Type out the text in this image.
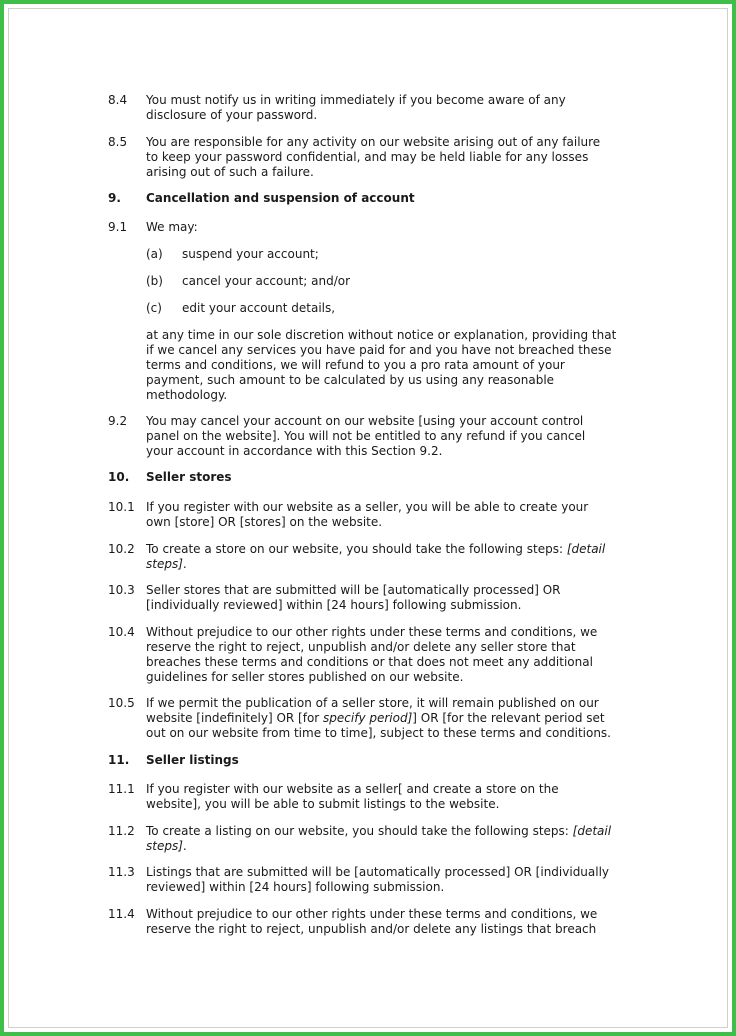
8.4	You must notify us in writing immediately if you become aware of any
disclosure of your password.
8.5	You are responsible for any activity on our website arising out of any failure
to keep your password confidential, and may be held liable for any losses
arising out of such a failure.
9.	Cancellation and suspension of account
9.1	We may:
(a)	suspend your account;
(b)	cancel your account; and/or
(c)	edit your account details,
at any time in our sole discretion without notice or explanation, providing that
if we cancel any services you have paid for and you have not breached these
terms and conditions, we will refund to you a pro rata amount of your
payment, such amount to be calculated by us using any reasonable
methodology.
9.2	You may cancel your account on our website [using your account control
panel on the website]. You will not be entitled to any refund if you cancel
your account in accordance with this Section 9.2.
10.	Seller stores
10.1 If you register with our website as a seller, you will be able to create your
own [store] OR [stores] on the website.
10.2 To create a store on our website, you should take the following steps: [detail
steps].
10.3 Seller stores that are submitted will be [automatically processed] OR
[individually reviewed] within [24 hours] following submission.
10.4 Without prejudice to our other rights under these terms and conditions, we
reserve the right to reject, unpublish and/or delete any seller store that
breaches these terms and conditions or that does not meet any additional
guidelines for seller stores published on our website.
10.5 If we permit the publication of a seller store, it will remain published on our
website [indefinitely] OR [for specify period]] OR [for the relevant period set
out on our website from time to time], subject to these terms and conditions.
11.	Seller listings
11.1 If you register with our website as a seller[ and create a store on the
website], you will be able to submit listings to the website.
11.2 To create a listing on our website, you should take the following steps: [detail
steps].
11.3 Listings that are submitted will be [automatically processed] OR [individually
reviewed] within [24 hours] following submission.
11.4 Without prejudice to our other rights under these terms and conditions, we
reserve the right to reject, unpublish and/or delete any listings that breach
